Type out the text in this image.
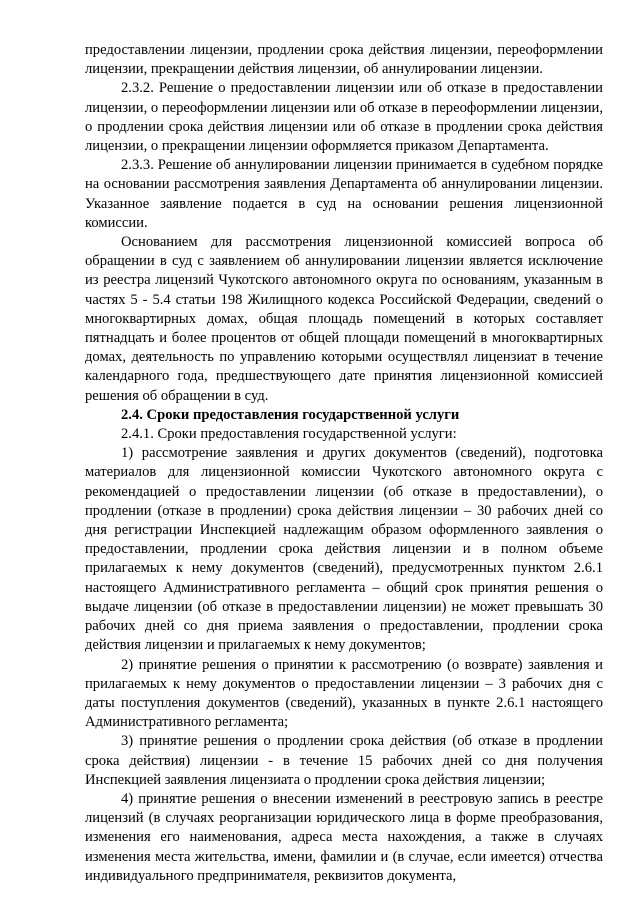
предоставлении лицензии, продлении срока действия лицензии, переоформлении лицензии, прекращении действия лицензии, об аннулировании лицензии.

2.3.2. Решение о предоставлении лицензии или об отказе в предоставлении лицензии, о переоформлении лицензии или об отказе в переоформлении лицензии, о продлении срока действия лицензии или об отказе в продлении срока действия лицензии, о прекращении лицензии оформляется приказом Департамента.

2.3.3. Решение об аннулировании лицензии принимается в судебном порядке на основании рассмотрения заявления Департамента об аннулировании лицензии. Указанное заявление подается в суд на основании решения лицензионной комиссии.

Основанием для рассмотрения лицензионной комиссией вопроса об обращении в суд с заявлением об аннулировании лицензии является исключение из реестра лицензий Чукотского автономного округа по основаниям, указанным в частях 5 - 5.4 статьи 198 Жилищного кодекса Российской Федерации, сведений о многоквартирных домах, общая площадь помещений в которых составляет пятнадцать и более процентов от общей площади помещений в многоквартирных домах, деятельность по управлению которыми осуществлял лицензиат в течение календарного года, предшествующего дате принятия лицензионной комиссией решения об обращении в суд.

2.4. Сроки предоставления государственной услуги

2.4.1. Сроки предоставления государственной услуги:

1) рассмотрение заявления и других документов (сведений), подготовка материалов для лицензионной комиссии Чукотского автономного округа с рекомендацией о предоставлении лицензии (об отказе в предоставлении), о продлении (отказе в продлении) срока действия лицензии – 30 рабочих дней со дня регистрации Инспекцией надлежащим образом оформленного заявления о предоставлении, продлении срока действия лицензии и в полном объеме прилагаемых к нему документов (сведений), предусмотренных пунктом 2.6.1 настоящего Административного регламента – общий срок принятия решения о выдаче лицензии (об отказе в предоставлении лицензии) не может превышать 30 рабочих дней со дня приема заявления о предоставлении, продлении срока действия лицензии и прилагаемых к нему документов;

2) принятие решения о принятии к рассмотрению (о возврате) заявления и прилагаемых к нему документов о предоставлении лицензии – 3 рабочих дня с даты поступления документов (сведений), указанных в пункте 2.6.1 настоящего Административного регламента;

3) принятие решения о продлении срока действия (об отказе в продлении срока действия) лицензии - в течение 15 рабочих дней со дня получения Инспекцией заявления лицензиата о продлении срока действия лицензии;

4) принятие решения о внесении изменений в реестровую запись в реестре лицензий (в случаях реорганизации юридического лица в форме преобразования, изменения его наименования, адреса места нахождения, а также в случаях изменения места жительства, имени, фамилии и (в случае, если имеется) отчества индивидуального предпринимателя, реквизитов документа,
